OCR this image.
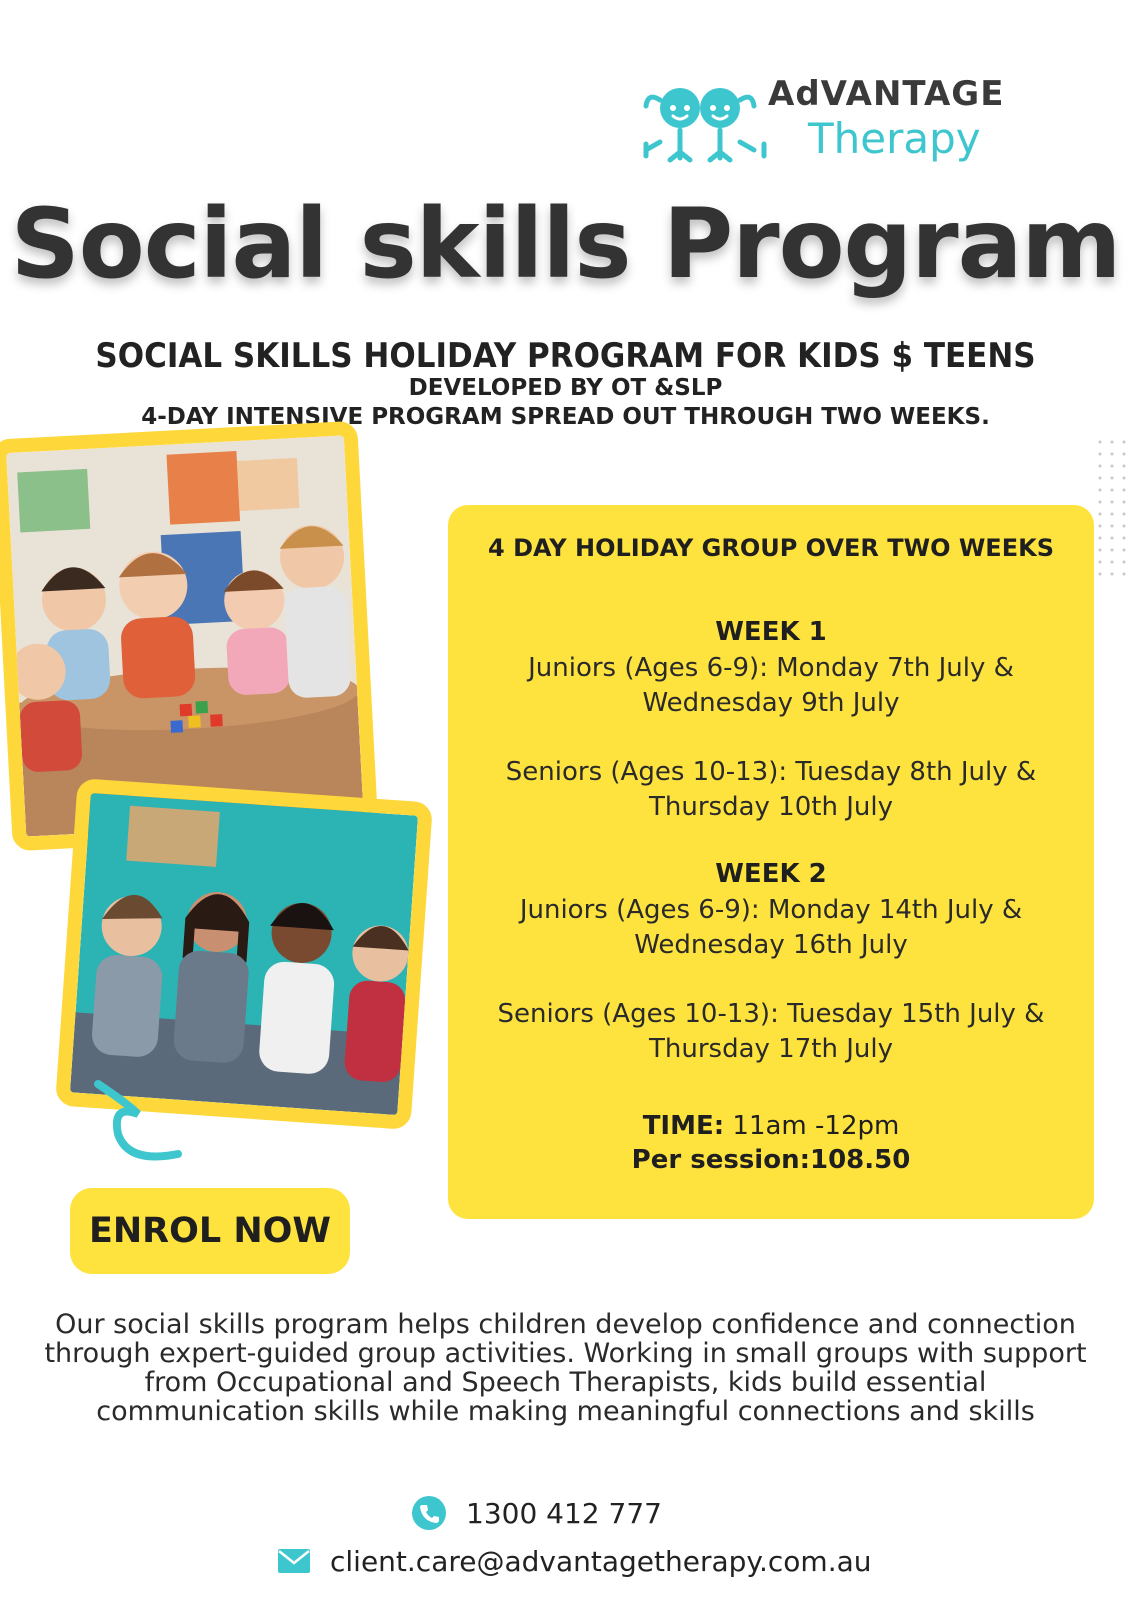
AdVANTAGE
Therapy
Social skills Program
SOCIAL SKILLS HOLIDAY PROGRAM FOR KIDS $ TEENS
DEVELOPED BY OT &SLP
4-DAY INTENSIVE PROGRAM SPREAD OUT THROUGH TWO WEEKS.
ENROL NOW
4 DAY HOLIDAY GROUP OVER TWO WEEKS
WEEK 1
Juniors (Ages 6-9): Monday 7th July & Wednesday 9th July
Seniors (Ages 10-13): Tuesday 8th July & Thursday 10th July
WEEK 2
Juniors (Ages 6-9): Monday 14th July & Wednesday 16th July
Seniors (Ages 10-13): Tuesday 15th July & Thursday 17th July
TIME: 11am -12pm
Per session:108.50
Our social skills program helps children develop confidence and connection through expert-guided group activities. Working in small groups with support from Occupational and Speech Therapists, kids build essential communication skills while making meaningful connections and skills
1300 412 777
client.care@advantagetherapy.com.au
